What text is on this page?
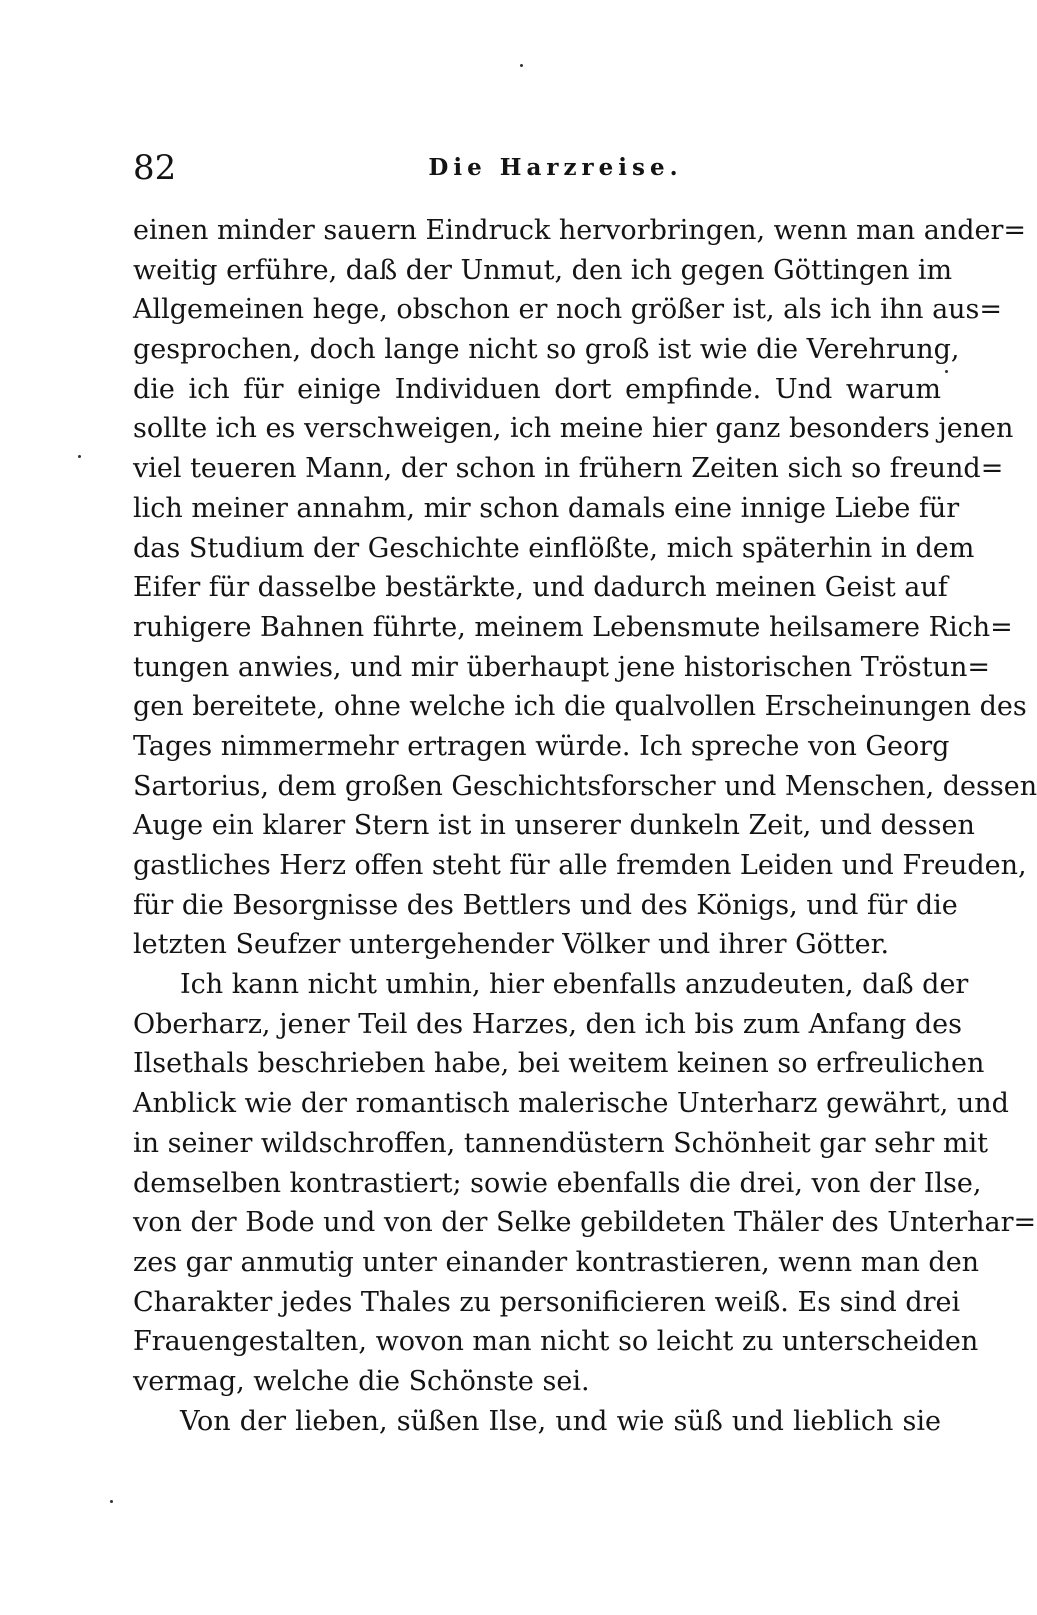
82	Die Harzreise.
einen minder sauern Eindruck hervorbringen, wenn man ander=
weitig erführe, daß der Unmut, den ich gegen Göttingen im
Allgemeinen hege, obschon er noch größer ist, als ich ihn aus=
gesprochen, doch lange nicht so groß ist wie die Verehrung,
die ich für einige Individuen dort empfinde. Und warum
sollte ich es verschweigen, ich meine hier ganz besonders jenen
viel teueren Mann, der schon in frühern Zeiten sich so freund=
lich meiner annahm, mir schon damals eine innige Liebe für
das Studium der Geschichte einflößte, mich späterhin in dem
Eifer für dasselbe bestärkte, und dadurch meinen Geist auf
ruhigere Bahnen führte, meinem Lebensmute heilsamere Rich=
tungen anwies, und mir überhaupt jene historischen Tröstun=
gen bereitete, ohne welche ich die qualvollen Erscheinungen des
Tages nimmermehr ertragen würde. Ich spreche von Georg
Sartorius, dem großen Geschichtsforscher und Menschen, dessen
Auge ein klarer Stern ist in unserer dunkeln Zeit, und dessen
gastliches Herz offen steht für alle fremden Leiden und Freuden,
für die Besorgnisse des Bettlers und des Königs, und für die
letzten Seufzer untergehender Völker und ihrer Götter.
Ich kann nicht umhin, hier ebenfalls anzudeuten, daß der
Oberharz, jener Teil des Harzes, den ich bis zum Anfang des
Ilsethals beschrieben habe, bei weitem keinen so erfreulichen
Anblick wie der romantisch malerische Unterharz gewährt, und
in seiner wildschroffen, tannendüstern Schönheit gar sehr mit
demselben kontrastiert; sowie ebenfalls die drei, von der Ilse,
von der Bode und von der Selke gebildeten Thäler des Unterhar=
zes gar anmutig unter einander kontrastieren, wenn man den
Charakter jedes Thales zu personificieren weiß. Es sind drei
Frauengestalten, wovon man nicht so leicht zu unterscheiden
vermag, welche die Schönste sei.
Von der lieben, süßen Ilse, und wie süß und lieblich sie
